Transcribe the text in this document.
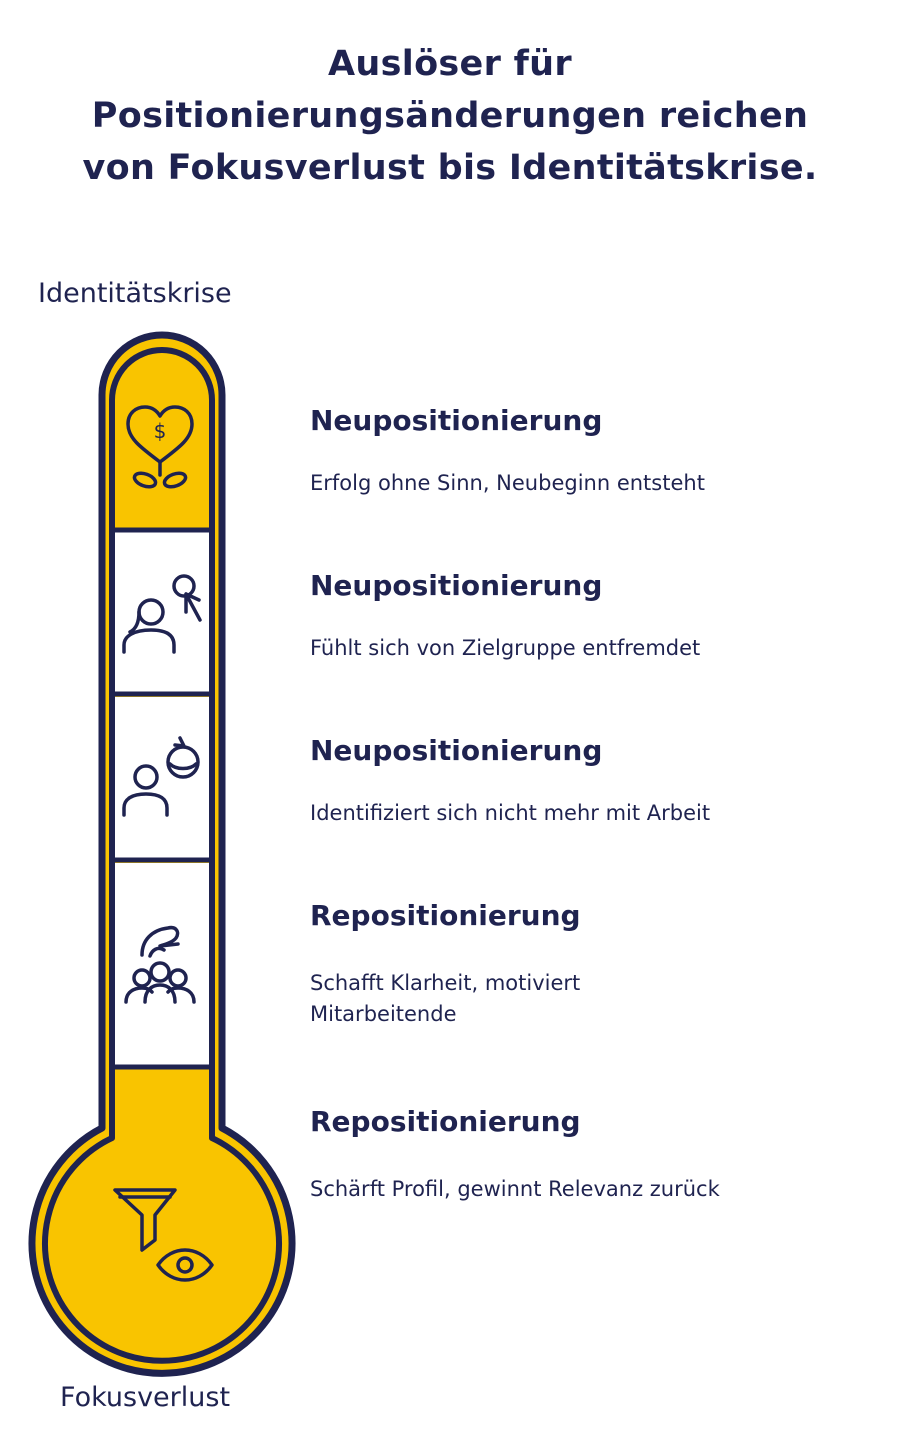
Auslöser für
Positionierungsänderungen reichen
von Fokusverlust bis Identitätskrise.
Identitätskrise
$
Fokusverlust
Neupositionierung

Erfolg ohne Sinn, Neubeginn entsteht

Neupositionierung

Fühlt sich von Zielgruppe entfremdet

Neupositionierung

Identifiziert sich nicht mehr mit Arbeit

Repositionierung

Schafft Klarheit, motiviert Mitarbeitende

Repositionierung

Schärft Profil, gewinnt Relevanz zurück
